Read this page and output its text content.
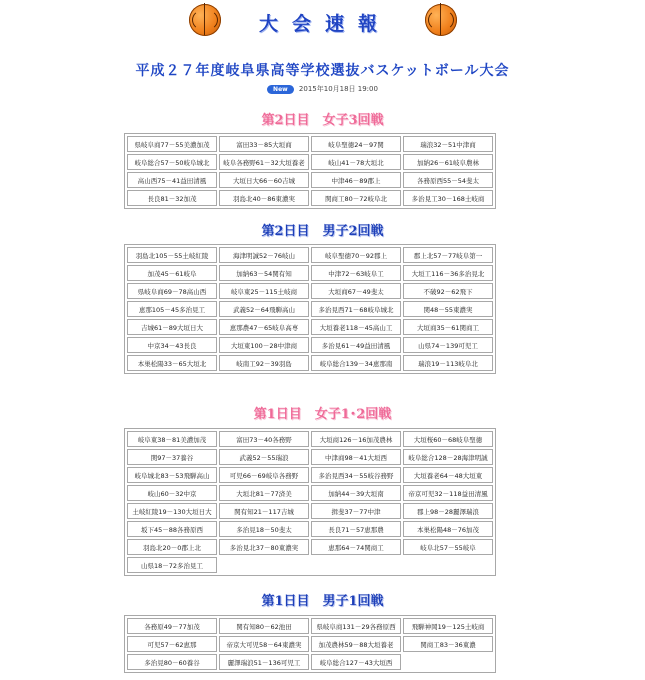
大会速報
平成２７年度岐阜県高等学校選抜バスケットボール大会
New 2015年10月18日 19:00
第2日目　女子3回戦
県岐阜商77－55美濃加茂	富田33－85大垣商	岐阜聖徳24－97関	瑞浪32－51中津商
岐阜総合57－50岐阜城北	岐阜各務野61－32大垣養老	岐山41－78大垣北	加納26－61岐阜農林
高山西75－41益田清風	大垣日大66－60吉城	中津46－89郡上	各務原西55－54斐太
長良81－32加茂	羽島北40－86東濃実	関商工80－72岐阜北	多治見工30－168土岐商
第2日目　男子2回戦
羽島北105－55土岐紅陵	海津明誠52－76岐山	岐阜聖徳70－92郡上	郡上北57－77岐阜第一
加茂45－61岐阜	加納63－54関有知	中津72－63岐阜工	大垣工116－36多治見北
県岐阜商69－78高山西	岐阜東25－115土岐商	大垣商67－49斐太	不破92－62飛下
恵那105－45多治見工	武義52－64飛騨高山	多治見西71－68岐阜城北	関48－55東濃実
吉城61－89大垣日大	恵那農47－65岐阜高専	大垣養老118－45高山工	大垣商35－61関商工
中京34－43長良	大垣東100－28中津商	多治見61－49益田清風	山県74－139可児工
本巣松陽33－65大垣北	岐南工92－39羽島	岐阜総合139－34恵那南	瑞浪19－113岐阜北
第1日目　女子1･2回戦
岐阜東38－81美濃加茂	富田73－40各務野	大垣商126－16加茂農林	大垣桜60－68岐阜聖徳
関97－37養谷	武義52－55瑞浪	中津商98－41大垣西	岐阜総合128－28海津明誠
岐阜城北83－53飛騨高山	可児66－69岐阜各務野	多治見西34－55岐谷務野	大垣養老64－48大垣東
岐山60－32中京	大垣北81－77済美	加納44－39大垣南	帝京可児32－118益田清風
土岐紅陵19－130大垣日大	関有知21－117吉城	揖斐37－77中津	郡上98－28麗澤瑞浪
坂下45－88各務原西	多治見18－50斐太	長良71－57恵那農	本巣松陽48－76加茂
羽島北20－0郡上北	多治見北37－80東濃実	恵那64－74関商工	岐阜北57－55岐阜
山県18－72多治見工			
第1日目　男子1回戦
各務原49－77加茂	関有知80－62池田	県岐阜商131－29各務原西	飛騨神岡19－125土岐商
可児57－62恵那	帝京大可児58－64東濃実	加茂農林59－88大垣養老	関商工83－36東濃
多治見80－60養谷	麗澤瑞浪51－136可児工	岐阜総合127－43大垣西	
